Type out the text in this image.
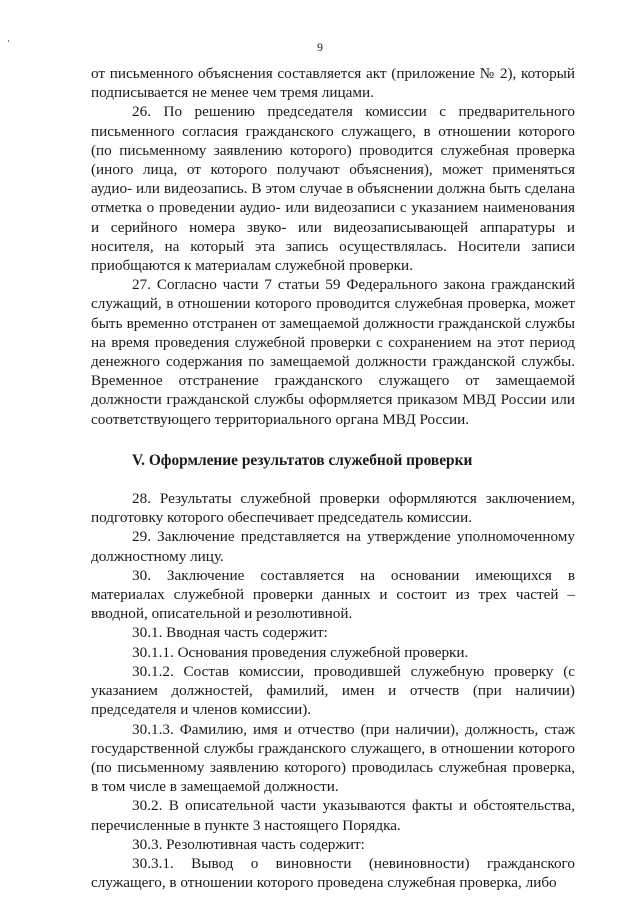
9

от письменного объяснения составляется акт (приложение № 2), который подписывается не менее чем тремя лицами.

26. По решению председателя комиссии с предварительного письменного согласия гражданского служащего, в отношении которого (по письменному заявлению которого) проводится служебная проверка (иного лица, от которого получают объяснения), может применяться аудио- или видеозапись. В этом случае в объяснении должна быть сделана отметка о проведении аудио- или видеозаписи с указанием наименования и серийного номера звуко- или видеозаписывающей аппаратуры и носителя, на который эта запись осуществлялась. Носители записи приобщаются к материалам служебной проверки.

27. Согласно части 7 статьи 59 Федерального закона гражданский служащий, в отношении которого проводится служебная проверка, может быть временно отстранен от замещаемой должности гражданской службы на время проведения служебной проверки с сохранением на этот период денежного содержания по замещаемой должности гражданской службы. Временное отстранение гражданского служащего от замещаемой должности гражданской службы оформляется приказом МВД России или соответствующего территориального органа МВД России.

V. Оформление результатов служебной проверки

28. Результаты служебной проверки оформляются заключением, подготовку которого обеспечивает председатель комиссии.

29. Заключение представляется на утверждение уполномоченному должностному лицу.

30. Заключение составляется на основании имеющихся в материалах служебной проверки данных и состоит из трех частей – вводной, описательной и резолютивной.

30.1. Вводная часть содержит:

30.1.1. Основания проведения служебной проверки.

30.1.2. Состав комиссии, проводившей служебную проверку (с указанием должностей, фамилий, имен и отчеств (при наличии) председателя и членов комиссии).

30.1.3. Фамилию, имя и отчество (при наличии), должность, стаж государственной службы гражданского служащего, в отношении которого (по письменному заявлению которого) проводилась служебная проверка, в том числе в замещаемой должности.

30.2. В описательной части указываются факты и обстоятельства, перечисленные в пункте 3 настоящего Порядка.

30.3. Резолютивная часть содержит:

30.3.1. Вывод о виновности (невиновности) гражданского служащего, в отношении которого проведена служебная проверка, либо
